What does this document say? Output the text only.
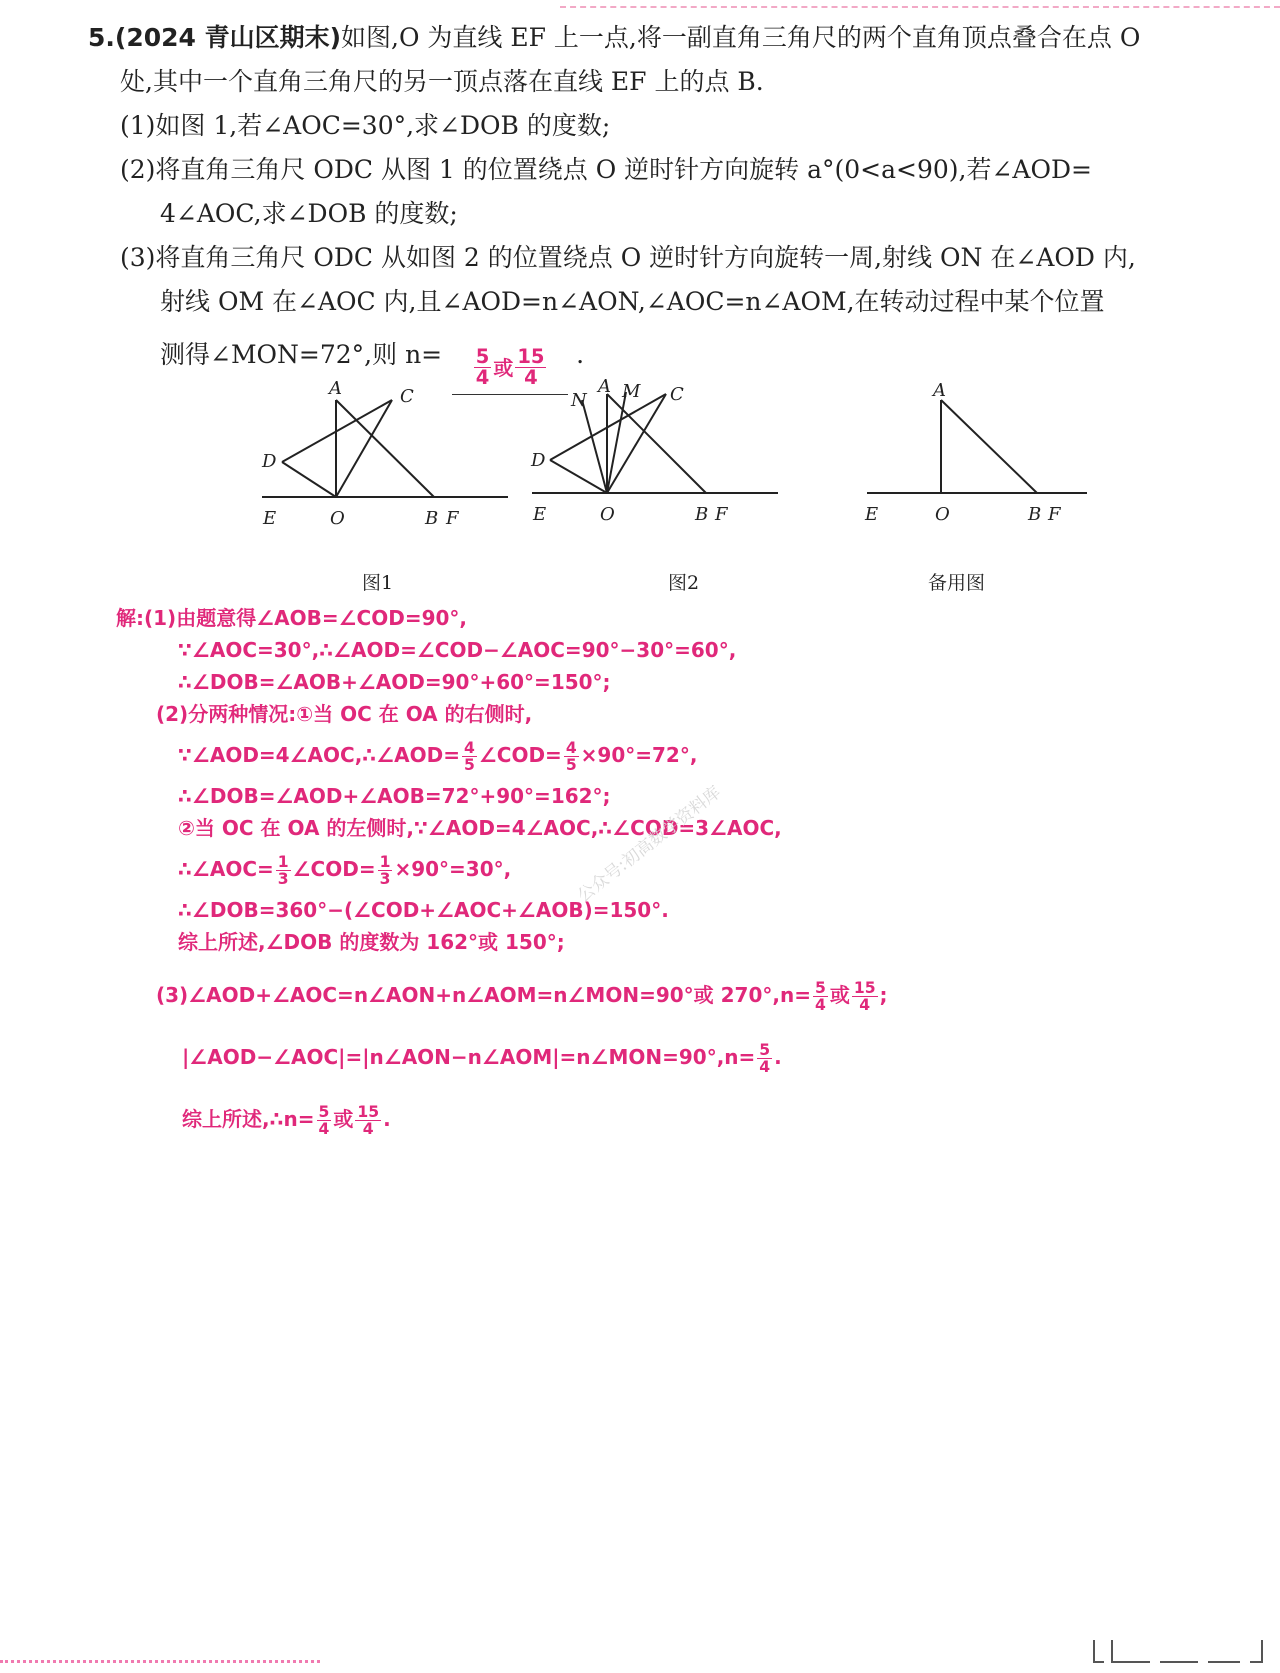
5.(2024 青山区期末)如图,O 为直线 EF 上一点,将一副直角三角尺的两个直角顶点叠合在点 O
处,其中一个直角三角尺的另一顶点落在直线 EF 上的点 B.
(1)如图 1,若∠AOC=30°,求∠DOB 的度数;
(2)将直角三角尺 ODC 从图 1 的位置绕点 O 逆时针方向旋转 a°(0<a<90),若∠AOD=
4∠AOC,求∠DOB 的度数;
(3)将直角三角尺 ODC 从如图 2 的位置绕点 O 逆时针方向旋转一周,射线 ON 在∠AOD 内,
射线 OM 在∠AOC 内,且∠AOD=n∠AON,∠AOC=n∠AOM,在转动过程中某个位置
测得∠MON=72°,则 $n= \frac{5}{4}$ 或 $\frac{15}{4}$ .
A	C
D
E	O	B F
图1
N
A M C
D
E	O	B F
图2
A
E	O	B F
备用图
解:(1)由题意得∠AOB=∠COD=90°,
∵∠AOC=30°,∴∠AOD=∠COD−∠AOC=90°−30°=60°,
∴∠DOB=∠AOB+∠AOD=90°+60°=150°;
(2)分两种情况:①当 OC 在 OA 的右侧时,
∵∠AOD=4∠AOC,∴∠AOD= $\frac{4}{5}$ ∠COD= $\frac{4}{5} \times 90^\circ=72^\circ$,
∴∠DOB=∠AOD+∠AOB=72°+90°=162°;
②当 OC 在 OA 的左侧时,∵∠AOD=4∠AOC,∴∠COD=3∠AOC,
∴∠AOC= $\frac{1}{3}$ ∠COD= $\frac{1}{3} \times 90^\circ=30^\circ$,
∴∠DOB=360°−(∠COD+∠AOC+∠AOB)=150°.
综上所述,∠DOB 的度数为 162°或 150°;
(3)∠AOD+∠AOC=n∠AON+n∠AOM=n∠MON=90°或 $270^\circ,n= \frac{5}{4}$ 或 $\frac{15}{4}$ ;
|∠AOD−∠AOC|=|n∠AON−n∠AOM|=n∠MON=90°,n= $\frac{5}{4}$ .
综上所述,∴n= $\frac{5}{4}$ 或 $\frac{15}{4}$ .
公众号:初高数学资料库
